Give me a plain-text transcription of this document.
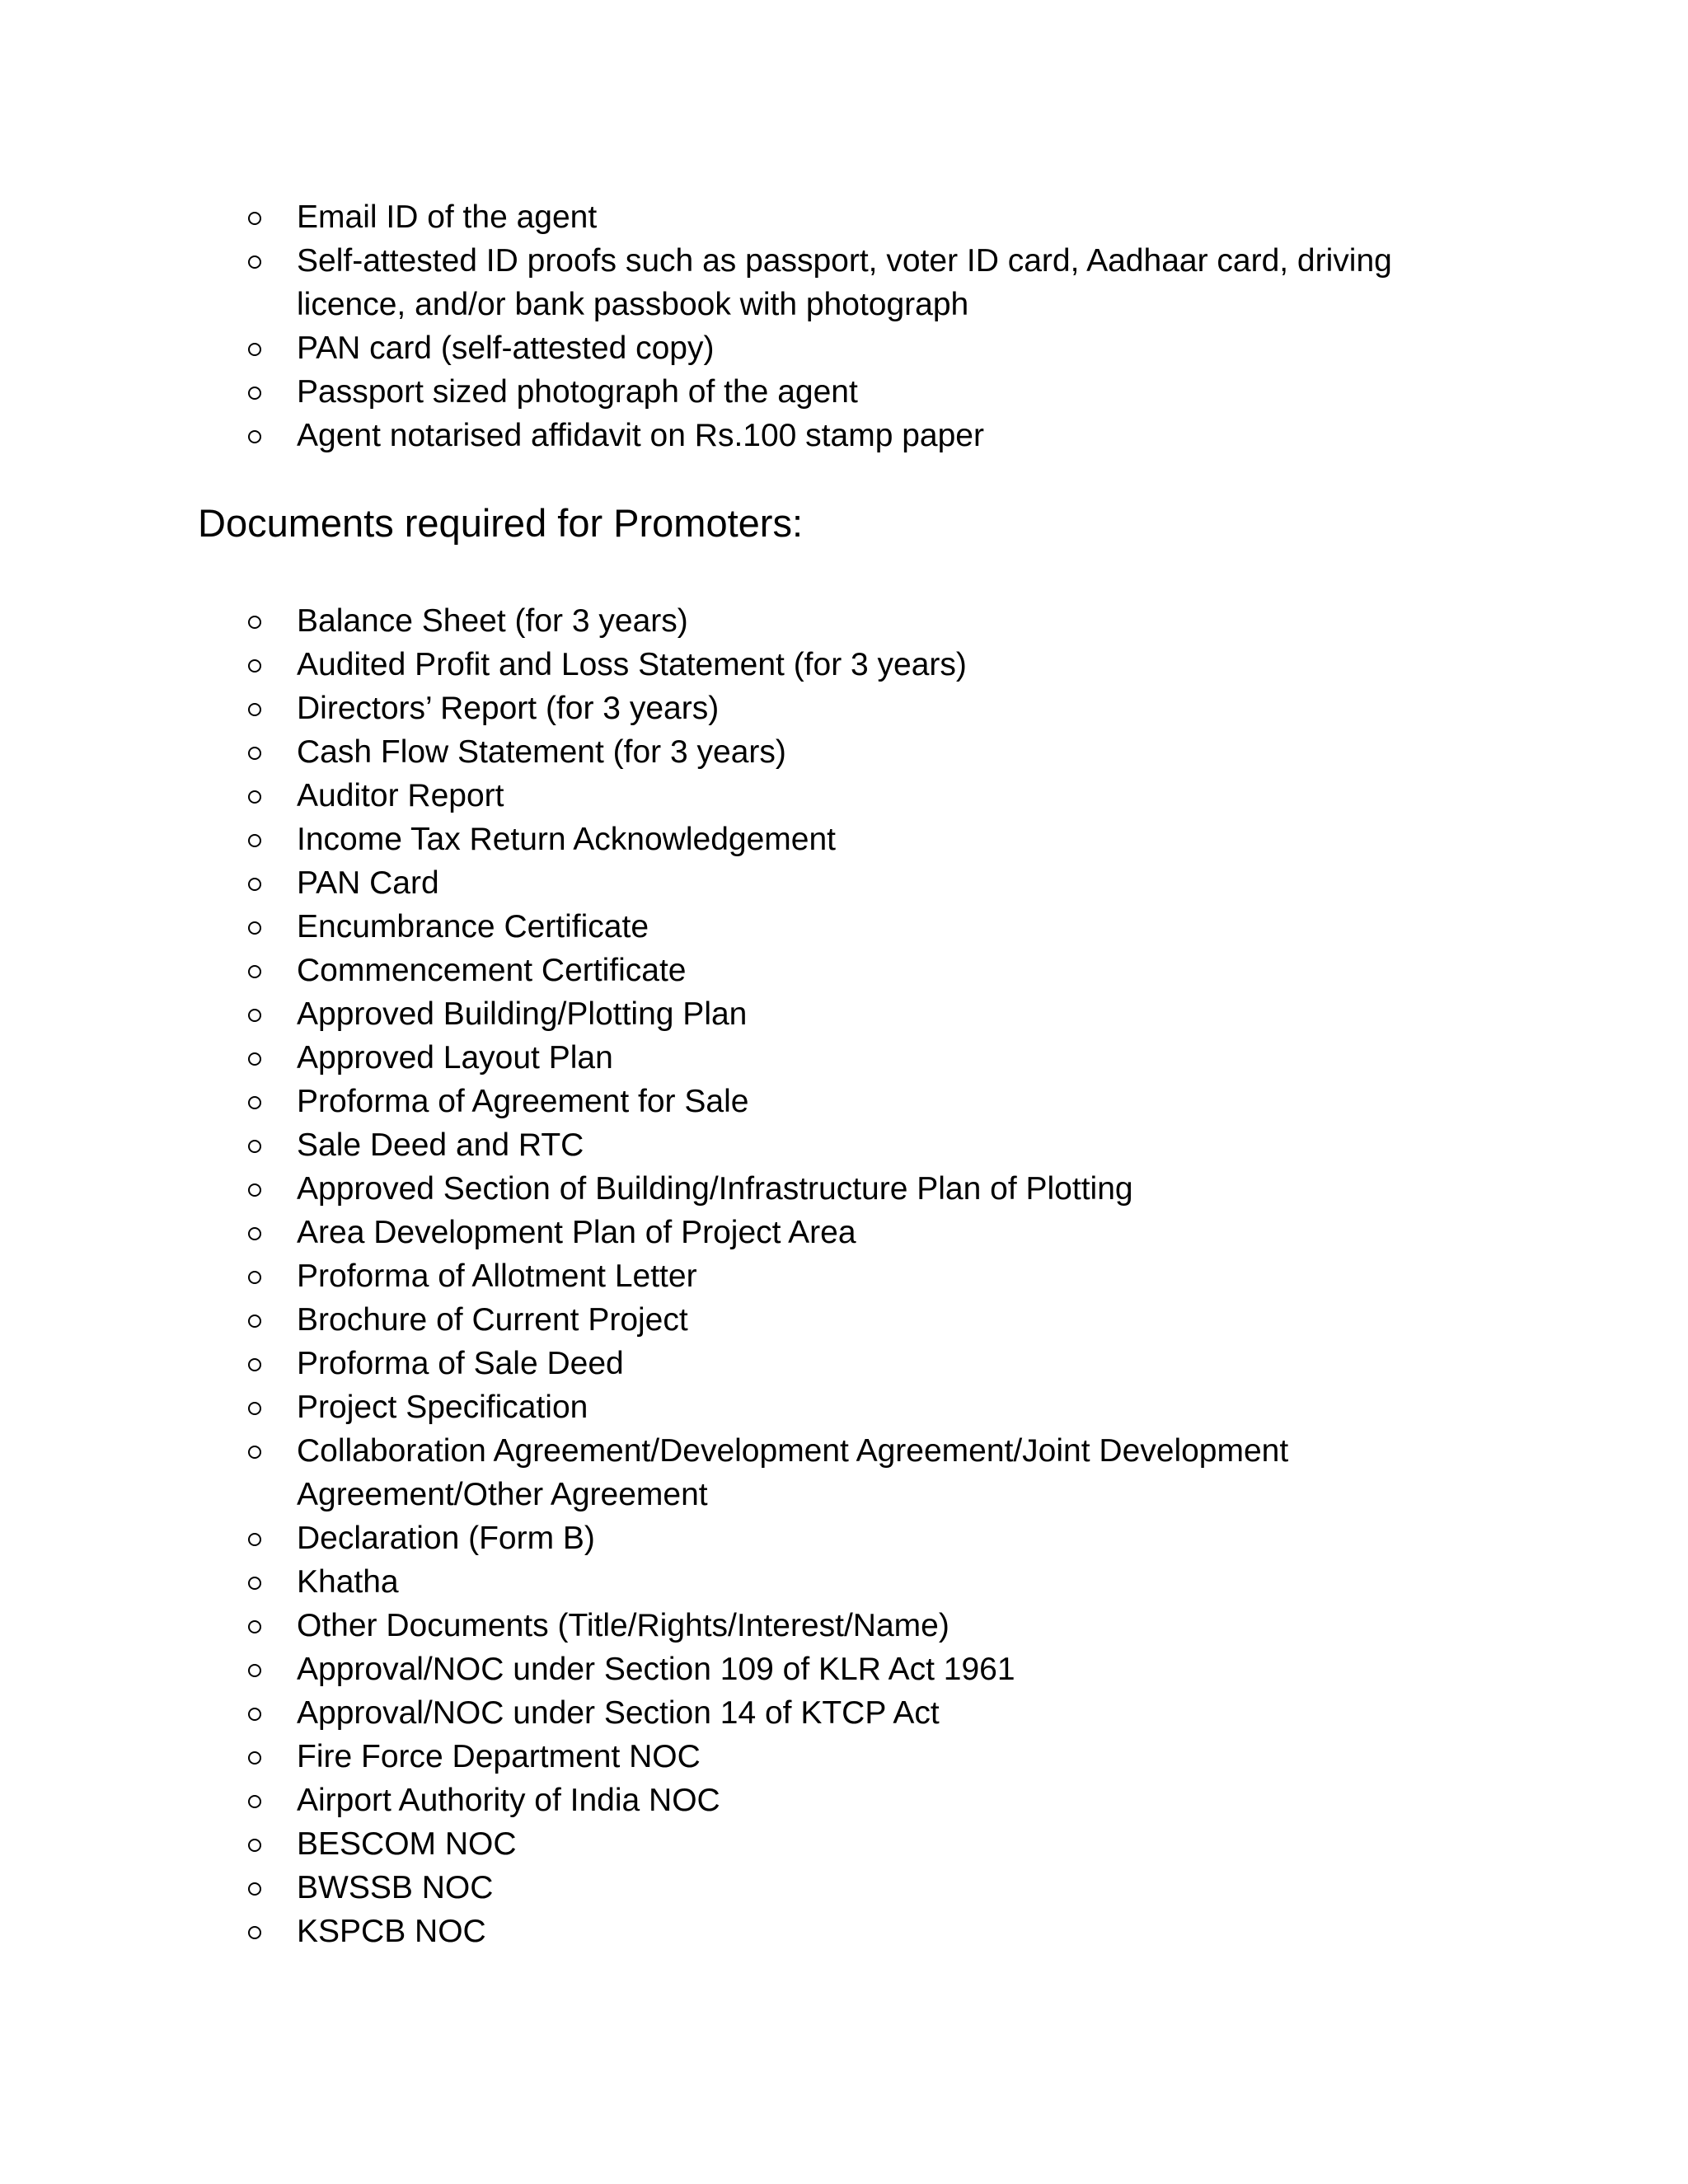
Email ID of the agent
Self-attested ID proofs such as passport, voter ID card, Aadhaar card, driving licence, and/or bank passbook with photograph
PAN card (self-attested copy)
Passport sized photograph of the agent
Agent notarised affidavit on Rs.100 stamp paper
Documents required for Promoters:
Balance Sheet (for 3 years)
Audited Profit and Loss Statement (for 3 years)
Directors’ Report (for 3 years)
Cash Flow Statement (for 3 years)
Auditor Report
Income Tax Return Acknowledgement
PAN Card
Encumbrance Certificate
Commencement Certificate
Approved Building/Plotting Plan
Approved Layout Plan
Proforma of Agreement for Sale
Sale Deed and RTC
Approved Section of Building/Infrastructure Plan of Plotting
Area Development Plan of Project Area
Proforma of Allotment Letter
Brochure of Current Project
Proforma of Sale Deed
Project Specification
Collaboration Agreement/Development Agreement/Joint Development Agreement/Other Agreement
Declaration (Form B)
Khatha
Other Documents (Title/Rights/Interest/Name)
Approval/NOC under Section 109 of KLR Act 1961
Approval/NOC under Section 14 of KTCP Act
Fire Force Department NOC
Airport Authority of India NOC
BESCOM NOC
BWSSB NOC
KSPCB NOC
